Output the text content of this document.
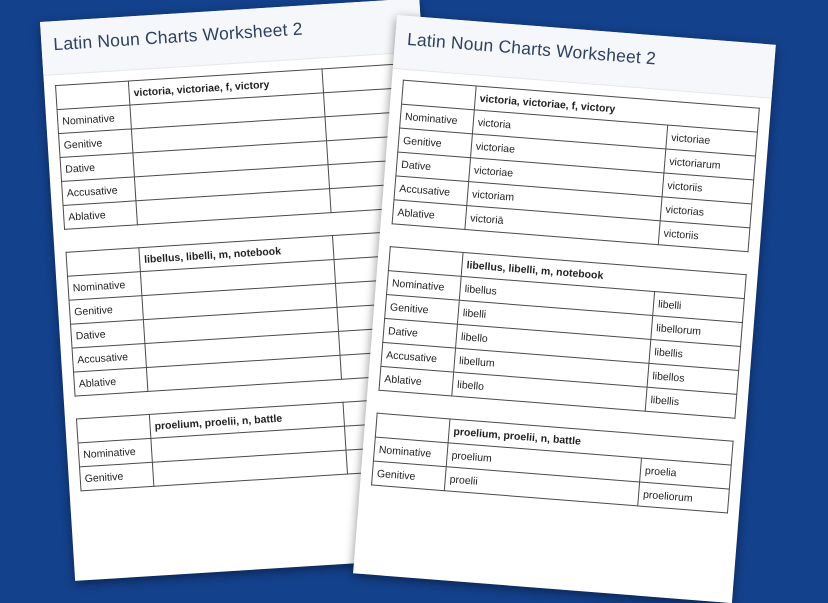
Latin Noun Charts Worksheet 2
	victoria, victoriae, f, victory	
Nominative		
Genitive		
Dative		
Accusative		
Ablative		
	libellus, libelli, m, notebook	
Nominative		
Genitive		
Dative		
Accusative		
Ablative		
	proelium, proelii, n, battle	
Nominative		
Genitive		
Latin Noun Charts Worksheet 2
	victoria, victoriae, f, victory	
Nominative	victoria	victoriae
Genitive	victoriae	victoriarum
Dative	victoriae	victoriis
Accusative	victoriam	victorias
Ablative	victoriā	victoriis
	libellus, libelli, m, notebook	
Nominative	libellus	libelli
Genitive	libelli	libellorum
Dative	libello	libellis
Accusative	libellum	libellos
Ablative	libello	libellis
	proelium, proelii, n, battle	
Nominative	proelium	proelia
Genitive	proelii	proeliorum
